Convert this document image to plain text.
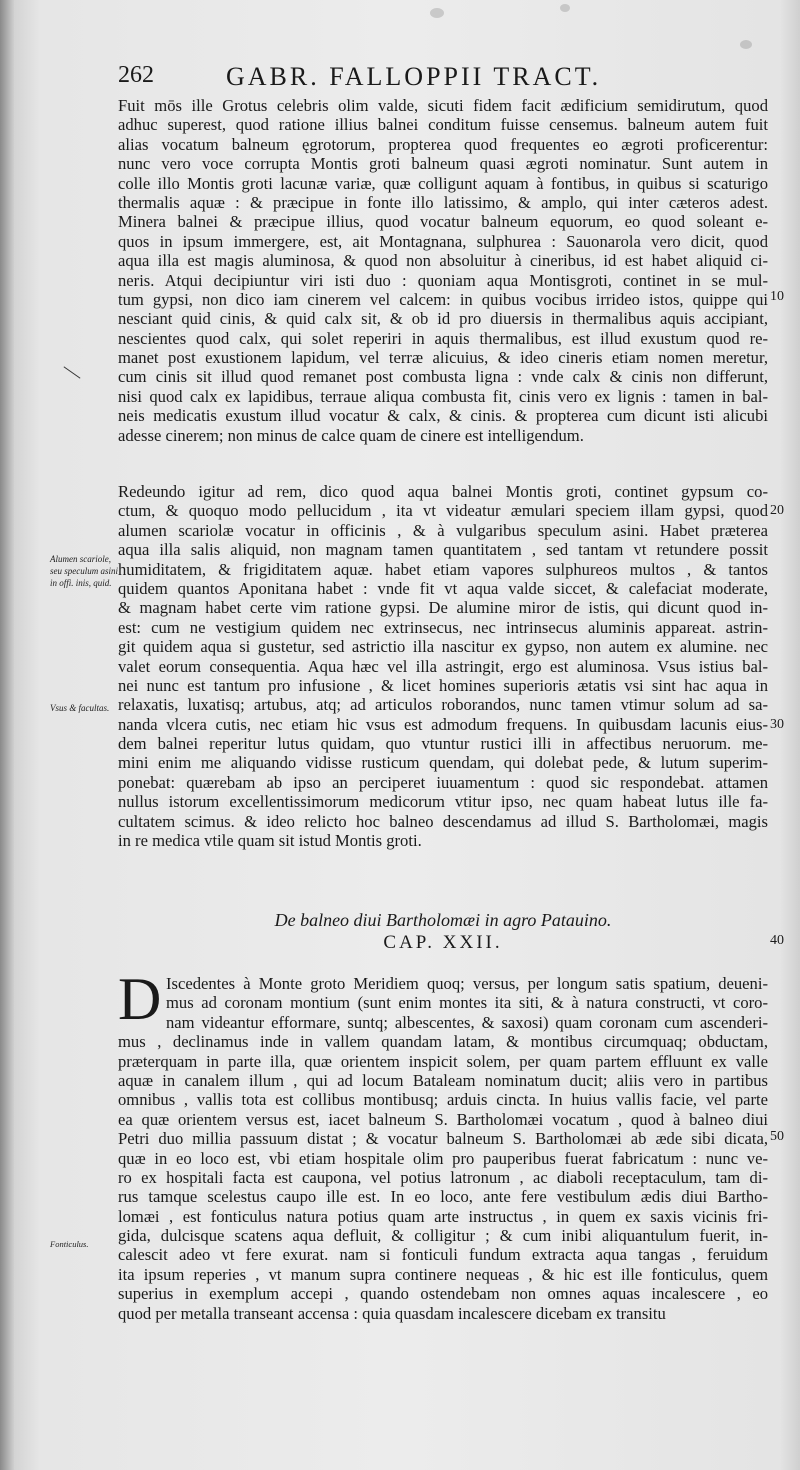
262	GABR. FALLOPPII TRACT.
Fuit mōs ille Grotus celebris olim valde, sicuti fidem facit ædificium semidirutum, quod
adhuc superest, quod ratione illius balnei conditum fuisse censemus. balneum autem fuit
alias vocatum balneum ęgrotorum, propterea quod frequentes eo ægroti proficerentur:
nunc vero voce corrupta Montis groti balneum quasi ægroti nominatur. Sunt autem in
colle illo Montis groti lacunæ variæ, quæ colligunt aquam à fontibus, in quibus si scaturigo
thermalis aquæ : & præcipue in fonte illo latissimo, & amplo, qui inter cæteros adest.
Minera balnei & præcipue illius, quod vocatur balneum equorum, eo quod soleant e-
quos in ipsum immergere, est, ait Montagnana, sulphurea : Sauonarola vero dicit, quod
aqua illa est magis aluminosa, & quod non absoluitur à cineribus, id est habet aliquid ci-
neris. Atqui decipiuntur viri isti duo : quoniam aqua Montisgroti, continet in se mul-
tum gypsi, non dico iam cinerem vel calcem: in quibus vocibus irrideo istos, quippe qui
nesciant quid cinis, & quid calx sit, & ob id pro diuersis in thermalibus aquis accipiant,
nescientes quod calx, qui solet reperiri in aquis thermalibus, est illud exustum quod re-
manet post exustionem lapidum, vel terræ alicuius, & ideo cineris etiam nomen meretur,
cum cinis sit illud quod remanet post combusta ligna : vnde calx & cinis non differunt,
nisi quod calx ex lapidibus, terraue aliqua combusta fit, cinis vero ex lignis : tamen in bal-
neis medicatis exustum illud vocatur & calx, & cinis. & propterea cum dicunt isti alicubi
adesse cinerem; non minus de calce quam de cinere est intelligendum.
Redeundo igitur ad rem, dico quod aqua balnei Montis groti, continet gypsum co-
ctum, & quoquo modo pellucidum , ita vt videatur æmulari speciem illam gypsi, quod
alumen scariolæ vocatur in officinis , & à vulgaribus speculum asini. Habet præterea
aqua illa salis aliquid, non magnam tamen quantitatem , sed tantam vt retundere possit
humiditatem, & frigiditatem aquæ. habet etiam vapores sulphureos multos , & tantos
quidem quantos Aponitana habet : vnde fit vt aqua valde siccet, & calefaciat moderate,
& magnam habet certe vim ratione gypsi. De alumine miror de istis, qui dicunt quod in-
est: cum ne vestigium quidem nec extrinsecus, nec intrinsecus aluminis appareat. astrin-
git quidem aqua si gustetur, sed astrictio illa nascitur ex gypso, non autem ex alumine. nec
valet eorum consequentia. Aqua hæc vel illa astringit, ergo est aluminosa. Vsus istius bal-
nei nunc est tantum pro infusione , & licet homines superioris ætatis vsi sint hac aqua in
relaxatis, luxatisq; artubus, atq; ad articulos roborandos, nunc tamen vtimur solum ad sa-
nanda vlcera cutis, nec etiam hic vsus est admodum frequens. In quibusdam lacunis eius-
dem balnei reperitur lutus quidam, quo vtuntur rustici illi in affectibus neruorum. me-
mini enim me aliquando vidisse rusticum quendam, qui dolebat pede, & lutum superim-
ponebat: quærebam ab ipso an perciperet iuuamentum : quod sic respondebat. attamen
nullus istorum excellentissimorum medicorum vtitur ipso, nec quam habeat lutus ille fa-
cultatem scimus. & ideo relicto hoc balneo descendamus ad illud S. Bartholomæi, magis
in re medica vtile quam sit istud Montis groti.
De balneo diui Bartholomæi in agro Patauino.
CAP. XXII.
D Iscedentes à Monte groto Meridiem quoq; versus, per longum satis spatium, deueni-
mus ad coronam montium (sunt enim montes ita siti, & à natura constructi, vt coro-
nam videantur efformare, suntq; albescentes, & saxosi) quam coronam cum ascenderi-
mus , declinamus inde in vallem quandam latam, & montibus circumquaq; obductam,
præterquam in parte illa, quæ orientem inspicit solem, per quam partem effluunt ex valle
aquæ in canalem illum , qui ad locum Bataleam nominatum ducit; aliis vero in partibus
omnibus , vallis tota est collibus montibusq; arduis cincta. In huius vallis facie, vel parte
ea quæ orientem versus est, iacet balneum S. Bartholomæi vocatum , quod à balneo diui
Petri duo millia passuum distat ; & vocatur balneum S. Bartholomæi ab æde sibi dicata,
quæ in eo loco est, vbi etiam hospitale olim pro pauperibus fuerat fabricatum : nunc ve-
ro ex hospitali facta est caupona, vel potius latronum , ac diaboli receptaculum, tam di-
rus tamque scelestus caupo ille est. In eo loco, ante fere vestibulum ædis diui Bartho-
lomæi , est fonticulus natura potius quam arte instructus , in quem ex saxis vicinis fri-
gida, dulcisque scatens aqua defluit, & colligitur ; & cum inibi aliquantulum fuerit, in-
calescit adeo vt fere exurat. nam si fonticuli fundum extracta aqua tangas , feruidum
ita ipsum reperies , vt manum supra continere nequeas , & hic est ille fonticulus, quem
superius in exemplum accepi , quando ostendebam non omnes aquas incalescere , eo
quod per metalla transeant accensa : quia quasdam incalescere dicebam ex transitu
Alumen scariole, seu speculum asini in offi. inis, quid.
Vsus & facultas.
Fonticulus.
10
20
30
40
50
